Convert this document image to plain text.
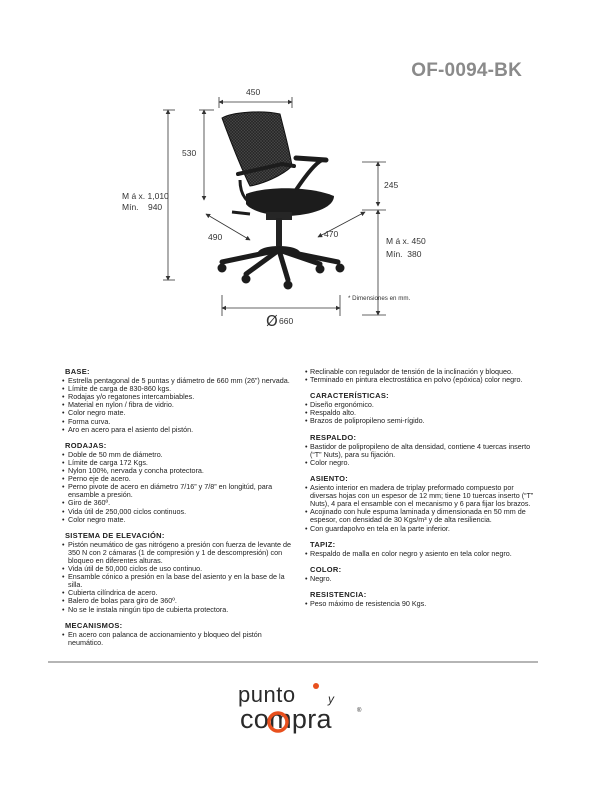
OF-0094-BK
450
530
M á x. 1,010
Mín.    940
245
490	470
M á x. 450
Mín.  380
Ø 660
* Dimensiones en mm.
BASE:
• Estrella pentagonal de 5 puntas y diámetro de 660 mm (26”) nervada.
• Límite de carga de 830-860 kgs.
• Rodajas y/o regatones intercambiables.
• Material en nylon / fibra de vidrio.
• Color negro mate.
• Forma curva.
• Aro en acero para el asiento del pistón.
RODAJAS:
• Doble de 50 mm de diámetro.
• Límite de carga 172 Kgs.
• Nylon 100%, nervada y concha protectora.
• Perno eje de acero.
• Perno pivote de acero en diámetro 7/16” y 7/8” en longitúd, para ensamble a presión.
• Giro de 360º.
• Vida útil de 250,000 ciclos continuos.
• Color negro mate.
SISTEMA DE ELEVACIÓN:
• Pistón neumático de gas nitrógeno a presión con fuerza de levante de 350 N con 2 cámaras (1 de compresión y 1 de descompresión) con bloqueo en diferentes alturas.
• Vida útil de 50,000 ciclos de uso continuo.
• Ensamble cónico a presión en la base del asiento y en la base de la silla.
• Cubierta cilíndrica de acero.
• Balero de bolas para giro de 360º.
• No se le instala ningún tipo de cubierta protectora.
MECANISMOS:
• En acero con palanca de accionamiento y bloqueo del pistón neumático.
• Reclinable con regulador de tensión de la inclinación y bloqueo.
• Terminado en pintura electrostática en polvo (epóxica) color negro.
CARACTERÍSTICAS:
• Diseño ergonómico.
• Respaldo alto.
• Brazos de polipropileno semi-rígido.
RESPALDO:
• Bastidor de polipropileno de alta densidad, contiene 4 tuercas inserto (“T” Nuts), para su fijación.
• Color negro.
ASIENTO:
• Asiento interior en madera de triplay preformado compuesto por diversas hojas con un espesor de 12 mm; tiene 10 tuercas inserto (“T” Nuts), 4 para el ensamble con el mecanismo y 6 para fijar los brazos.
• Acojinado con hule espuma laminada y dimensionada en 50 mm de espesor, con densidad de 30 Kgs/m³ y de alta resiliencia.
• Con guardapolvo en tela en la parte inferior.
TAPIZ:
• Respaldo de malla en color negro y asiento en tela color negro.
COLOR:
• Negro.
RESISTENCIA:
• Peso máximo de resistencia 90 Kgs.
punto	y
compra	®
